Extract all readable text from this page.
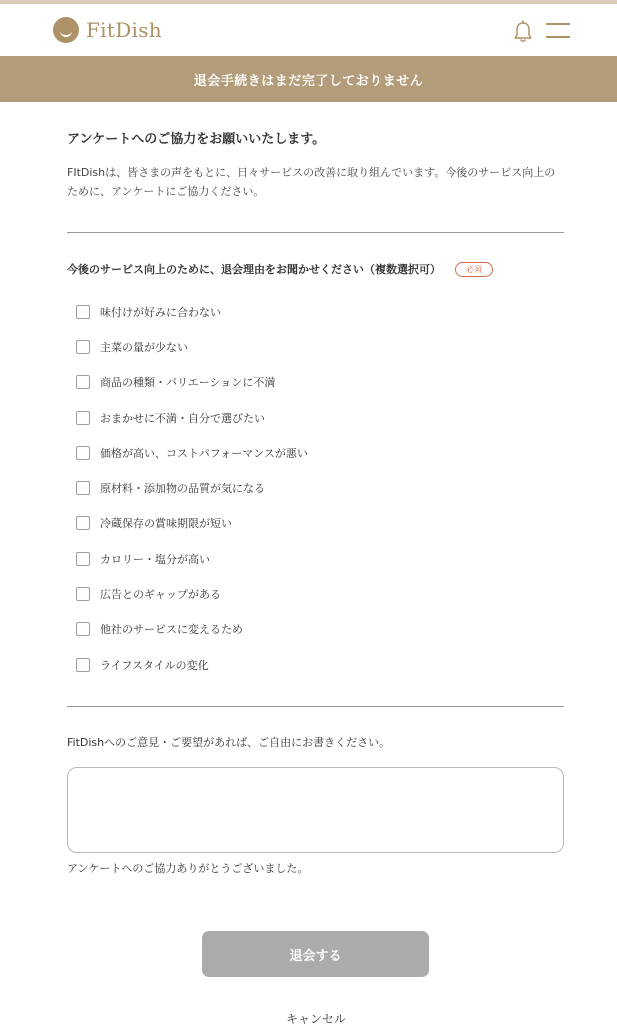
FitDish
退会手続きはまだ完了しておりません
アンケートへのご協力をお願いいたします。

FItDishは、皆さまの声をもとに、日々サービスの改善に取り組んでいます。今後のサービス向上のために、アンケートにご協力ください。

今後のサービス向上のために、退会理由をお聞かせください（複数選択可）	必須
味付けが好みに合わない
主菜の量が少ない
商品の種類・バリエーションに不満
おまかせに不満・自分で選びたい
価格が高い、コストパフォーマンスが悪い
原材料・添加物の品質が気になる
冷蔵保存の賞味期限が短い
カロリー・塩分が高い
広告とのギャップがある
他社のサービスに変えるため
ライフスタイルの変化
FitDishへのご意見・ご要望があれば、ご自由にお書きください。
アンケートへのご協力ありがとうございました。
退会する
キャンセル
